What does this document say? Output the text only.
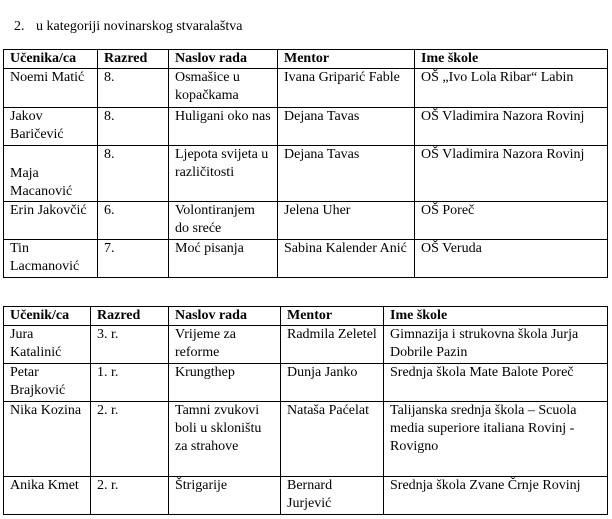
2. u kategoriji novinarskog stvaralaštva
Učenika/ca	Razred	Naslov rada	Mentor	Ime škole
Noemi Matić	8.	Osmašice u kopačkama	Ivana Griparić Fable	OŠ „Ivo Lola Ribar“ Labin
Jakov Baričević	8.	Huligani oko nas	Dejana Tavas	OŠ Vladimira Nazora Rovinj
Maja Macanović	8.	Ljepota svijeta u različitosti	Dejana Tavas	OŠ Vladimira Nazora Rovinj
Erin Jakovčić	6.	Volontiranjem do sreće	Jelena Uher	OŠ Poreč
Tin Lacmanović	7.	Moć pisanja	Sabina Kalender Anić	OŠ Veruda
Učenik/ca	Razred	Naslov rada	Mentor	Ime škole
Jura Katalinić	3. r.	Vrijeme za reforme	Radmila Zeletel	Gimnazija i strukovna škola Jurja Dobrile Pazin
Petar Brajković	1. r.	Krungthep	Dunja Janko	Srednja škola Mate Balote Poreč
Nika Kozina	2. r.	Tamni zvukovi boli u skloništu za strahove	Nataša Paćelat	Talijanska srednja škola – Scuola media superiore italiana Rovinj - Rovigno
Anika Kmet	2. r.	Štrigarije	Bernard Jurjević	Srednja škola Zvane Črnje Rovinj
